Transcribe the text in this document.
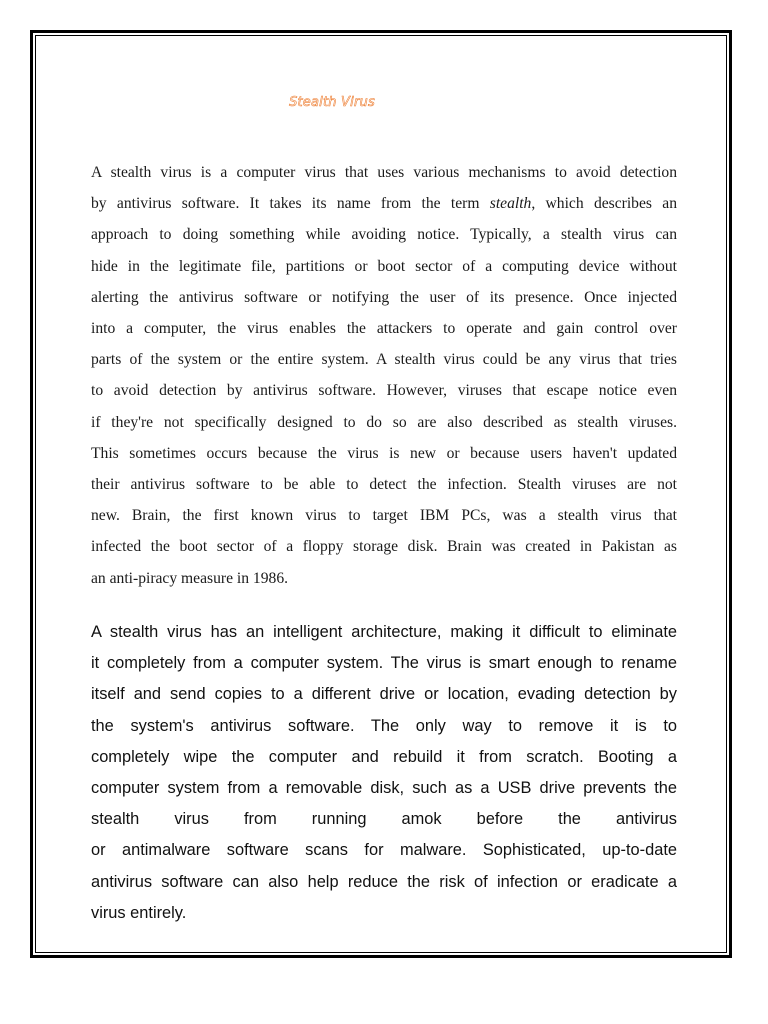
Stealth Virus
A stealth virus is a computer virus that uses various mechanisms to avoid detection
by antivirus software. It takes its name from the term stealth, which describes an
approach to doing something while avoiding notice. Typically, a stealth virus can
hide in the legitimate file, partitions or boot sector of a computing device without
alerting the antivirus software or notifying the user of its presence. Once injected
into a computer, the virus enables the attackers to operate and gain control over
parts of the system or the entire system. A stealth virus could be any virus that tries
to avoid detection by antivirus software. However, viruses that escape notice even
if they're not specifically designed to do so are also described as stealth viruses.
This sometimes occurs because the virus is new or because users haven't updated
their antivirus software to be able to detect the infection. Stealth viruses are not
new. Brain, the first known virus to target IBM PCs, was a stealth virus that
infected the boot sector of a floppy storage disk. Brain was created in Pakistan as
an anti-piracy measure in 1986.
A stealth virus has an intelligent architecture, making it difficult to eliminate
it completely from a computer system. The virus is smart enough to rename
itself and send copies to a different drive or location, evading detection by
the system's antivirus software. The only way to remove it is to
completely wipe the computer and rebuild it from scratch. Booting a
computer system from a removable disk, such as a USB drive prevents the
stealth virus from running amok before the antivirus
or antimalware software scans for malware. Sophisticated, up-to-date
antivirus software can also help reduce the risk of infection or eradicate a
virus entirely.
